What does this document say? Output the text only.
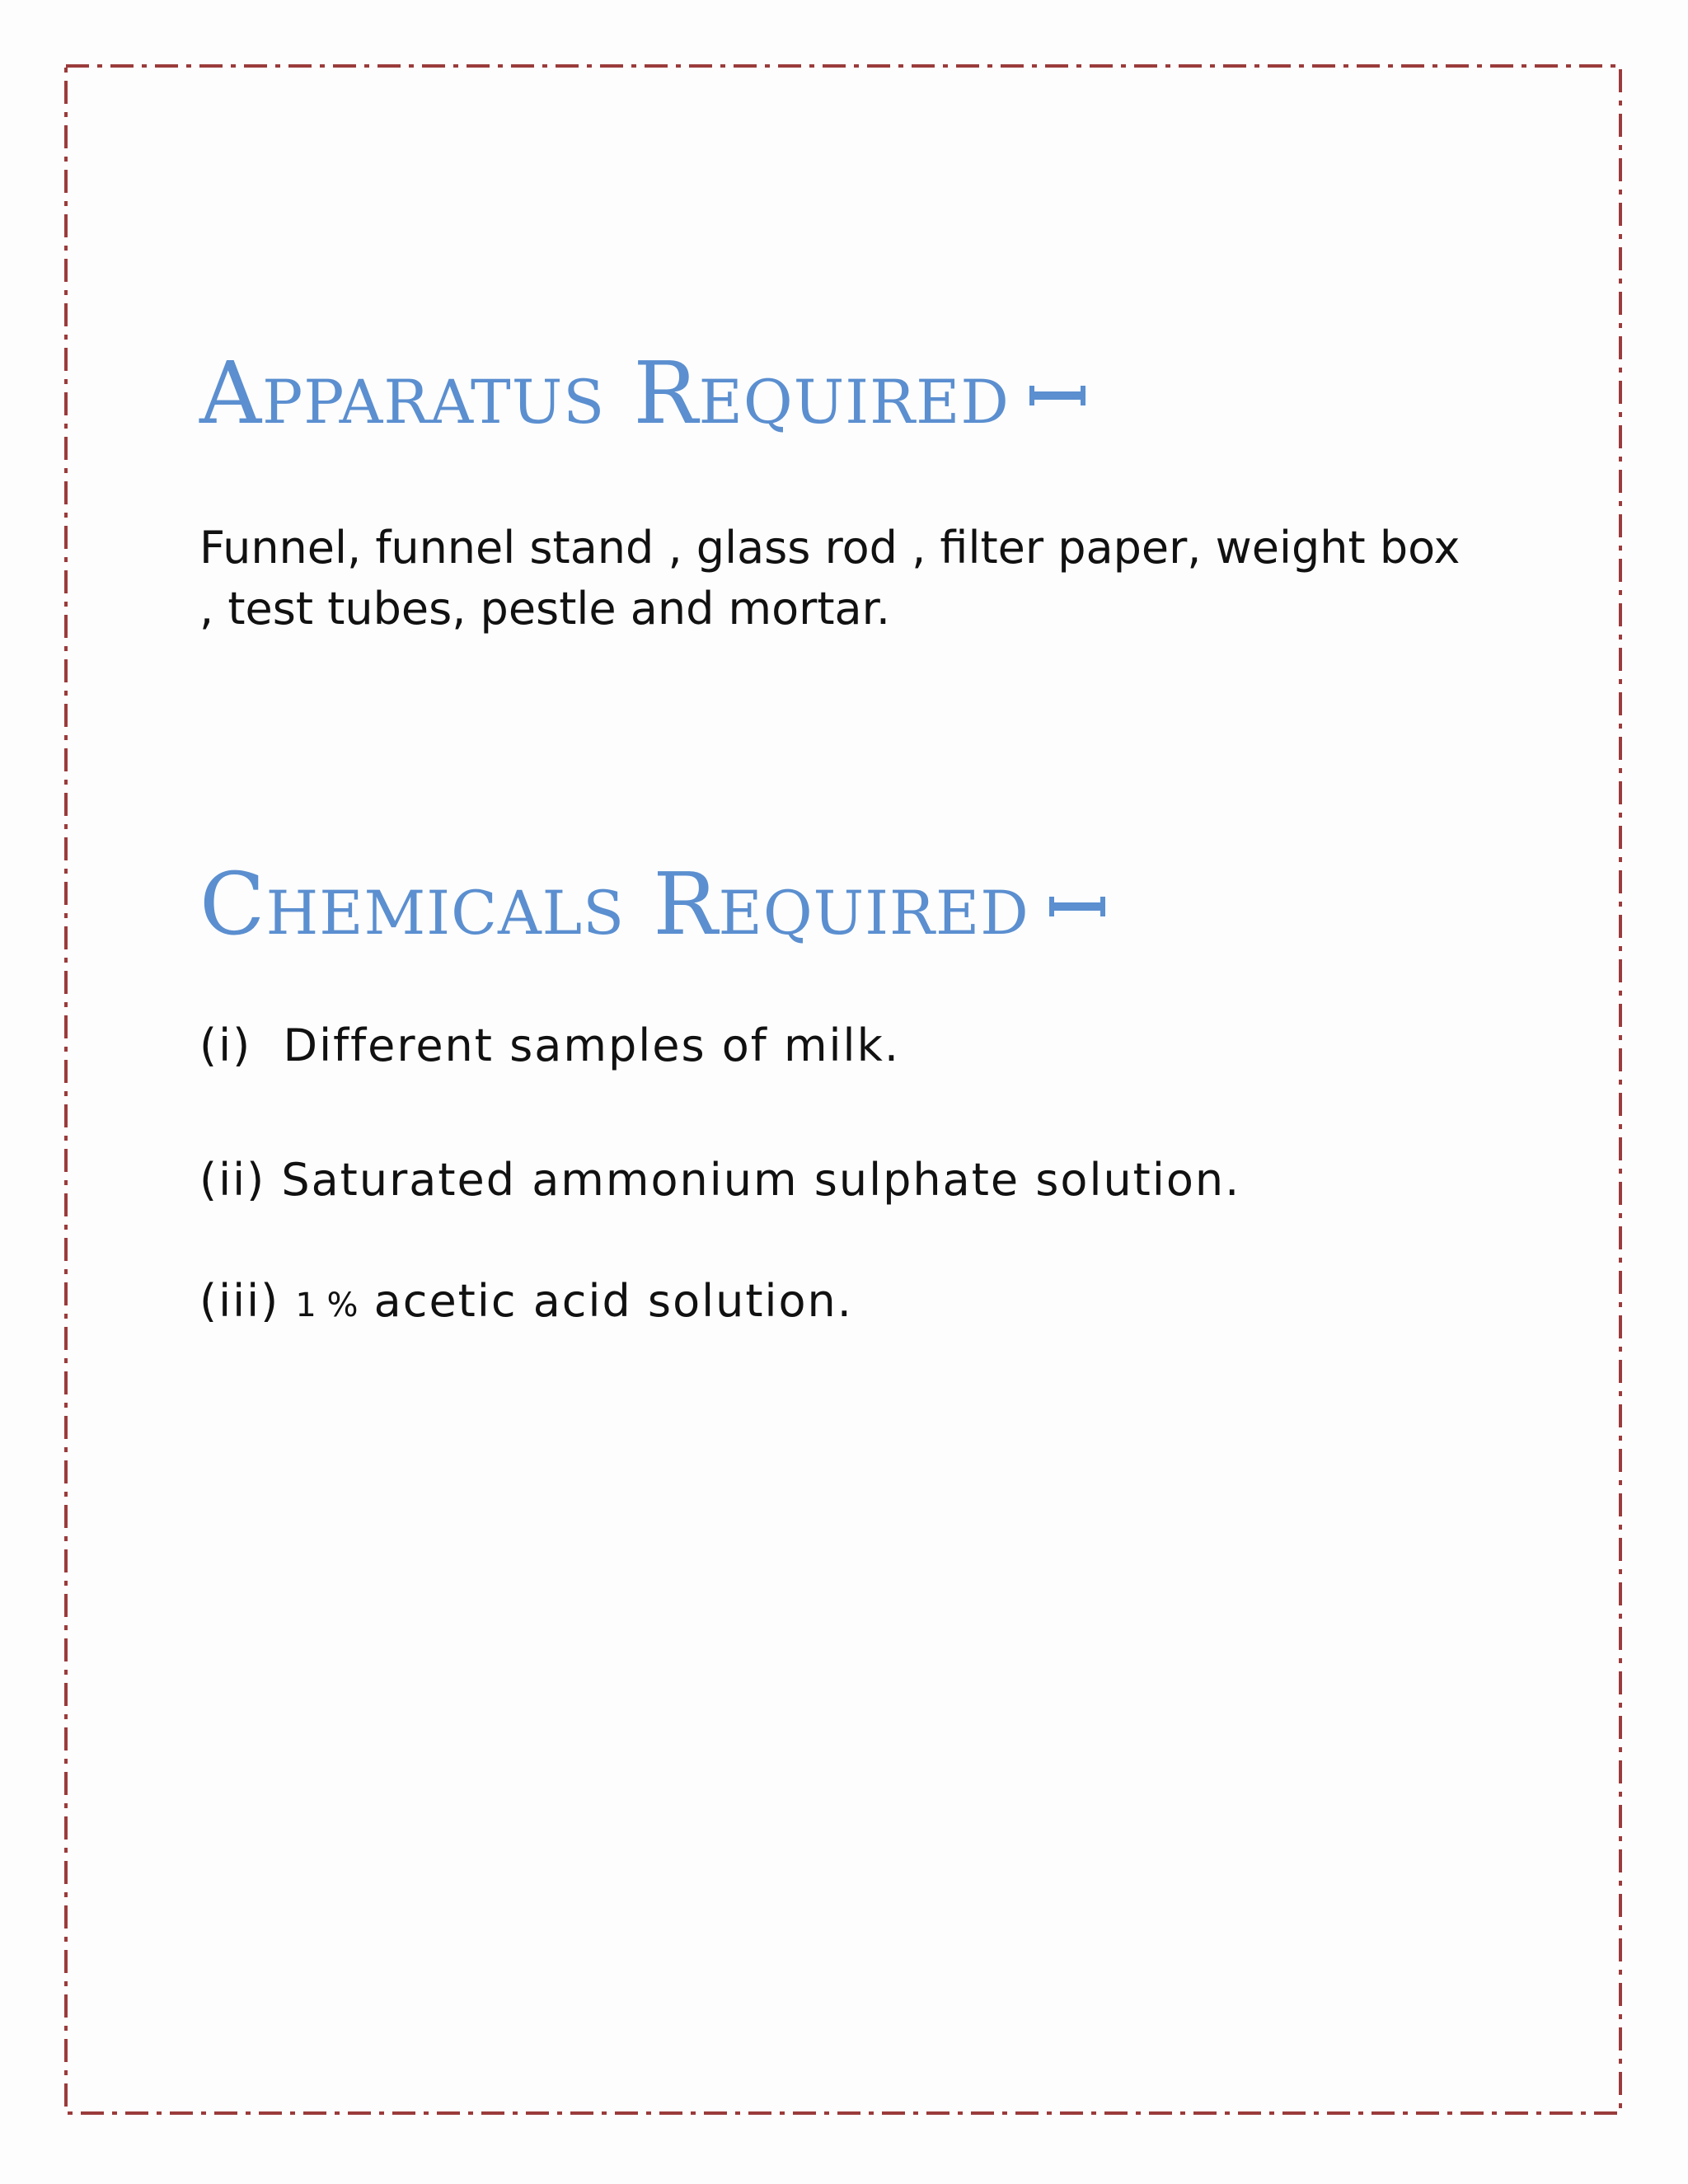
Apparatus Required
Funnel, funnel stand , glass rod , filter paper, weight box , test tubes, pestle and mortar.
Chemicals Required
(i) Different samples of milk.
(ii) Saturated ammonium sulphate solution.
(iii) 1 % acetic acid solution.
